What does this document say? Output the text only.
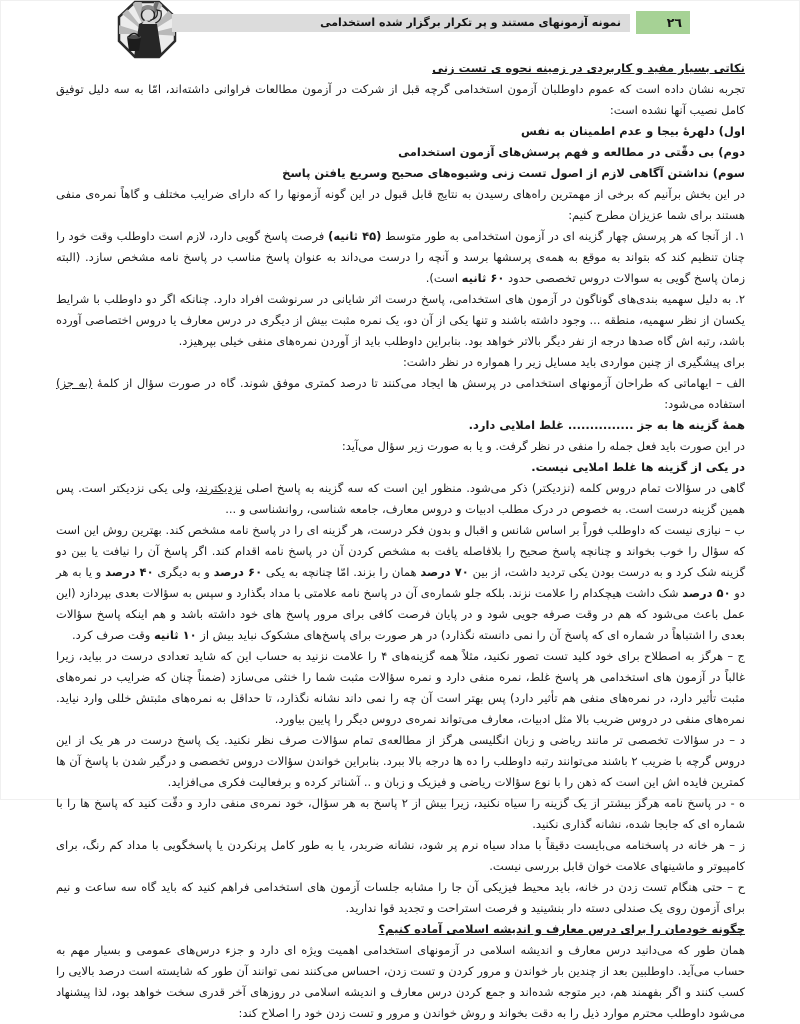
نمونه آزمونهای مستند و پر تکرار برگزار شده استخدامی	٢٦

نکاتی بسیار مفید و کاربردی در زمینه نحوه ی تست زنی

تجربه نشان داده است که عموم داوطلبان آزمون استخدامی گرچه قبل از شرکت در آزمون مطالعات فراوانی داشته‌اند، امّا به سه دلیل توفیق کامل نصیب آنها نشده است:

اول) دلهرهٔ بیجا و عدم اطمینان به نفس

دوم) بی دقّتی در مطالعه و فهم پرسش‌های آزمون استخدامی

سوم) نداشتن آگاهی لازم از اصول تست زنی وشیوه‌های صحیح وسریع یافتن پاسخ

در این بخش برآنیم که برخی از مهمترین راه‌های رسیدن به نتایج قابل قبول در این گونه آزمونها را که دارای ضرایب مختلف و گاهاً نمره‌ی منفی هستند برای شما عزیزان مطرح کنیم:

۱. از آنجا که هر پرسش چهار گزینه ای در آزمون استخدامی به طور متوسط (۴۵ ثانیه) فرصت پاسخ گویی دارد، لازم است داوطلب وقت خود را چنان تنظیم کند که بتواند به موقع به همه‌ی پرسشها برسد و آنچه را درست می‌داند به عنوان پاسخ مناسب در پاسخ نامه مشخص سازد. (البته زمان پاسخ گویی به سوالات دروس تخصصی حدود ۶۰ ثانیه است).

۲. به دلیل سهمیه بندی‌های گوناگون در آزمون های استخدامی، پاسخ درست اثر شایانی در سرنوشت افراد دارد. چنانکه اگر دو داوطلب با شرایط یکسان از نظر سهمیه، منطقه ... وجود داشته باشند و تنها یکی از آن دو، یک نمره مثبت بیش از دیگری در درس معارف یا دروس اختصاصی آورده باشد، رتبه اش گاه صدها درجه از نفر دیگر بالاتر خواهد بود. بنابراین داوطلب باید از آوردن نمره‌های منفی خیلی بپرهیزد.

برای پیشگیری از چنین مواردی باید مسایل زیر را همواره در نظر داشت:

الف – ایهاماتی که طراحان آزمونهای استخدامی در پرسش ها ایجاد می‌کنند تا درصد کمتری موفق شوند. گاه در صورت سؤال از کلمهٔ (به جز) استفاده می‌شود:

همهٔ گزینه ها به جز ............... غلط املایی دارد.

در این صورت باید فعل جمله را منفی در نظر گرفت. و یا به صورت زیر سؤال می‌آید:

در یکی از گزینه ها غلط املایی نیست.

گاهی در سؤالات تمام دروس کلمه (نزدیکتر) ذکر می‌شود. منظور این است که سه گزینه به پاسخ اصلی نزدیکترند، ولی یکی نزدیکتر است. پس همین گزینه درست است. به خصوص در درک مطلب ادبیات و دروس معارف، جامعه شناسی، روانشناسی و ...

ب – نیازی نیست که داوطلب فوراً بر اساس شانس و اقبال و بدون فکر درست، هر گزینه ای را در پاسخ نامه مشخص کند. بهترین روش این است که سؤال را خوب بخواند و چنانچه پاسخ صحیح را بلافاصله یافت به مشخص کردن آن در پاسخ نامه اقدام کند. اگر پاسخ آن را نیافت یا بین دو گزینه شک کرد و به درست بودن یکی تردید داشت، از بین ۷۰ درصد همان را بزند. امّا چنانچه به یکی ۶۰ درصد و به دیگری ۴۰ درصد و یا به هر دو ۵۰ درصد شک داشت هیچکدام را علامت نزند. بلکه جلو شماره‌ی آن در پاسخ نامه علامتی با مداد بگذارد و سپس به سؤالات بعدی بپردازد (این عمل باعث می‌شود که هم در وقت صرفه جویی شود و در پایان فرصت کافی برای مرور پاسخ های خود داشته باشد و هم اینکه پاسخ سؤالات بعدی را اشتباهاً در شماره ای که پاسخ آن را نمی دانسته نگذارد) در هر صورت برای پاسخ‌های مشکوک نباید بیش از ۱۰ ثانیه وقت صرف کرد.

ج – هرگز به اصطلاح برای خود کلید تست تصور نکنید، مثلاً همه گزینه‌های ۴ را علامت نزنید به حساب این که شاید تعدادی درست در بیاید، زیرا غالباً در آزمون های استخدامی هر پاسخ غلط، نمره منفی دارد و نمره سؤالات مثبت شما را خنثی می‌سازد (ضمناً چنان که ضرایب در نمره‌های مثبت تأثیر دارد، در نمره‌های منفی هم تأثیر دارد) پس بهتر است آن چه را نمی داند نشانه نگذارد، تا حداقل به نمره‌های مثبتش خللی وارد نیاید. نمره‌های منفی در دروس ضریب بالا مثل ادبیات، معارف می‌تواند نمره‌ی دروس دیگر را پایین بیاورد.

د – در سؤالات تخصصی تر مانند ریاضی و زبان انگلیسی هرگز از مطالعه‌ی تمام سؤالات صرف نظر نکنید. یک پاسخ درست در هر یک از این دروس گرچه با ضریب ۲ باشند می‌توانند رتبه داوطلب را ده ها درجه بالا ببرد. بنابراین خواندن سؤالات دروس تخصصی و درگیر شدن با پاسخ آن ها کمترین فایده اش این است که ذهن را با نوع سؤالات ریاضی و فیزیک و زبان و .. آشناتر کرده و برفعالیت فکری می‌افزاید.

ه - در پاسخ نامه هرگز بیشتر از یک گزینه را سیاه نکنید، زیرا بیش از ۲ پاسخ به هر سؤال، خود نمره‌ی منفی دارد و دقّت کنید که پاسخ ها را با شماره ای که جابجا شده، نشانه گذاری نکنید.

ز – هر خانه در پاسخنامه می‌بایست دقیقاً با مداد سیاه نرم پر شود، نشانه ضربدر، یا به طور کامل پرنکردن یا پاسخگویی با مداد کم رنگ، برای کامپیوتر و ماشینهای علامت خوان قابل بررسی نیست.

ح – حتی هنگام تست زدن در خانه، باید محیط فیزیکی آن جا را مشابه جلسات آزمون های استخدامی فراهم کنید که باید گاه سه ساعت و نیم برای آزمون روی یک صندلی دسته دار بنشینید و فرصت استراحت و تجدید قوا ندارید.

چگونه خودمان را برای درس معارف و اندیشه اسلامی آماده کنیم؟

همان طور که می‌دانید درس معارف و اندیشه اسلامی در آزمونهای استخدامی اهمیت ویژه ای دارد و جزء درس‌های عمومی و بسیار مهم به حساب می‌آید. داوطلبین بعد از چندین بار خواندن و مرور کردن و تست زدن، احساس می‌کنند نمی توانند آن طور که شایسته است درصد بالایی را کسب کنند و اگر بفهمند هم، دیر متوجه شده‌اند و جمع کردن درس معارف و اندیشه اسلامی در روزهای آخر قدری سخت خواهد بود، لذا پیشنهاد می‌شود داوطلب محترم موارد ذیل را به دقت بخواند و روش خواندن و مرور و تست زدن خود را اصلاح کند:
